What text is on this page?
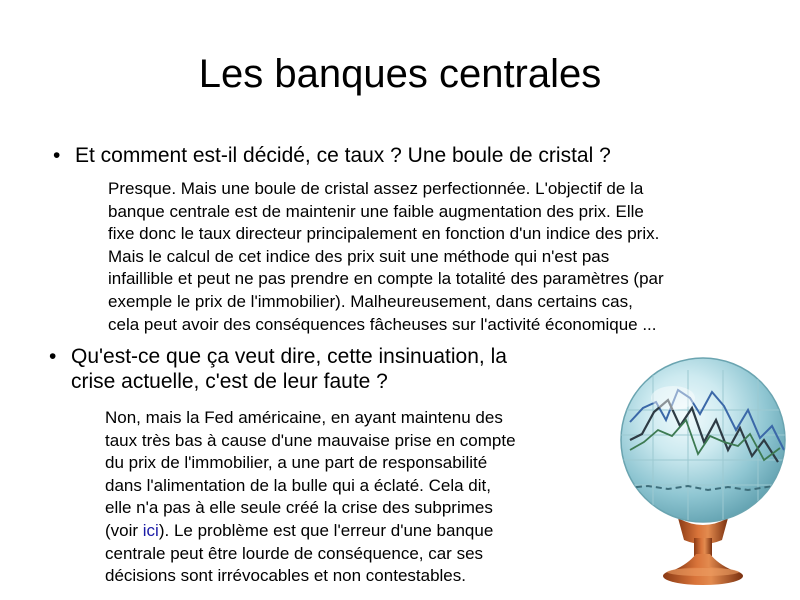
Les banques centrales
• Et comment est-il décidé, ce taux ? Une boule de cristal ?
Presque. Mais une boule de cristal assez perfectionnée. L'objectif de la
banque centrale est de maintenir une faible augmentation des prix. Elle
fixe donc le taux directeur principalement en fonction d'un indice des prix.
Mais le calcul de cet indice des prix suit une méthode qui n'est pas
infaillible et peut ne pas prendre en compte la totalité des paramètres (par
exemple le prix de l'immobilier). Malheureusement, dans certains cas,
cela peut avoir des conséquences fâcheuses sur l'activité économique ...
• Qu'est-ce que ça veut dire, cette insinuation, la
crise actuelle, c'est de leur faute ?
Non, mais la Fed américaine, en ayant maintenu des
taux très bas à cause d'une mauvaise prise en compte
du prix de l'immobilier, a une part de responsabilité
dans l'alimentation de la bulle qui a éclaté. Cela dit,
elle n'a pas à elle seule créé la crise des subprimes
(voir ici). Le problème est que l'erreur d'une banque
centrale peut être lourde de conséquence, car ses
décisions sont irrévocables et non contestables.
